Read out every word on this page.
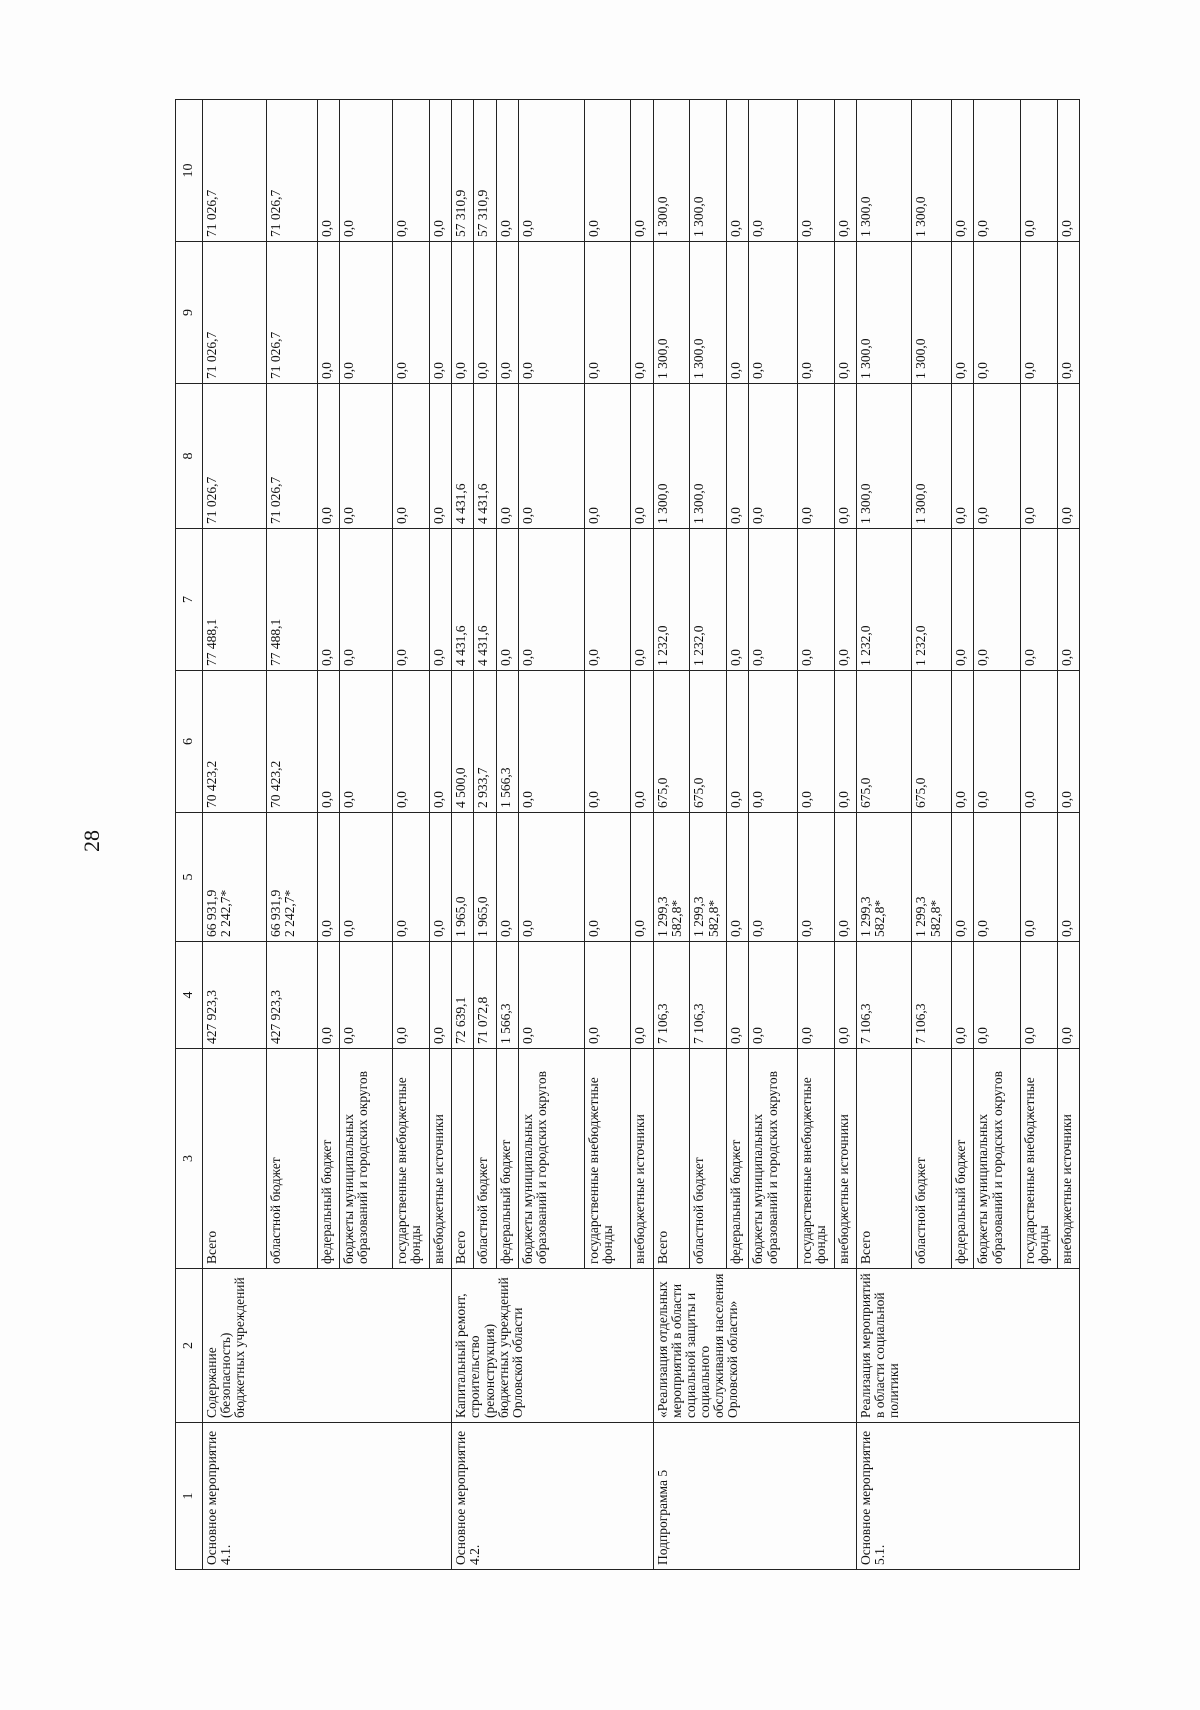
28
1	2	3	4	5	6	7	8	9	10
Основное мероприятие 4.1.	Содержание (безопасность) бюджетных учреждений	Всего	427 923,3	66 931,9 2 242,7*	70 423,2	77 488,1	71 026,7	71 026,7	71 026,7

		областной бюджет	427 923,3	66 931,9 2 242,7*	70 423,2	77 488,1	71 026,7	71 026,7	71 026,7

		федеральный бюджет	0,0	0,0	0,0	0,0	0,0	0,0	0,0

		бюджеты муниципальных образований и городских округов	0,0	0,0	0,0	0,0	0,0	0,0	0,0

		государственные внебюджетные фонды	0,0	0,0	0,0	0,0	0,0	0,0	0,0

		внебюджетные источники	0,0	0,0	0,0	0,0	0,0	0,0	0,0

Основное мероприятие 4.2.	Капитальный ремонт, строительство (реконструкция) бюджетных учреждений Орловской области	Всего	72 639,1	1 965,0	4 500,0	4 431,6	4 431,6	0,0	57 310,9

		областной бюджет	71 072,8	1 965,0	2 933,7	4 431,6	4 431,6	0,0	57 310,9

		федеральный бюджет	1 566,3	0,0	1 566,3	0,0	0,0	0,0	0,0

		бюджеты муниципальных образований и городских округов	0,0	0,0	0,0	0,0	0,0	0,0	0,0

		государственные внебюджетные фонды	0,0	0,0	0,0	0,0	0,0	0,0	0,0

		внебюджетные источники	0,0	0,0	0,0	0,0	0,0	0,0	0,0

Подпрограмма 5	«Реализация отдельных мероприятий в области социальной защиты и социального обслуживания населения Орловской области»	Всего	7 106,3	1 299,3 582,8*	675,0	1 232,0	1 300,0	1 300,0	1 300,0

		областной бюджет	7 106,3	1 299,3 582,8*	675,0	1 232,0	1 300,0	1 300,0	1 300,0

		федеральный бюджет	0,0	0,0	0,0	0,0	0,0	0,0	0,0

		бюджеты муниципальных образований и городских округов	0,0	0,0	0,0	0,0	0,0	0,0	0,0

		государственные внебюджетные фонды	0,0	0,0	0,0	0,0	0,0	0,0	0,0

		внебюджетные источники	0,0	0,0	0,0	0,0	0,0	0,0	0,0

Основное мероприятие 5.1.	Реализация мероприятий в области социальной политики	Всего	7 106,3	1 299,3 582,8*	675,0	1 232,0	1 300,0	1 300,0	1 300,0

		областной бюджет	7 106,3	1 299,3 582,8*	675,0	1 232,0	1 300,0	1 300,0	1 300,0

		федеральный бюджет	0,0	0,0	0,0	0,0	0,0	0,0	0,0

		бюджеты муниципальных образований и городских округов	0,0	0,0	0,0	0,0	0,0	0,0	0,0

		государственные внебюджетные фонды	0,0	0,0	0,0	0,0	0,0	0,0	0,0

		внебюджетные источники	0,0	0,0	0,0	0,0	0,0	0,0	0,0
